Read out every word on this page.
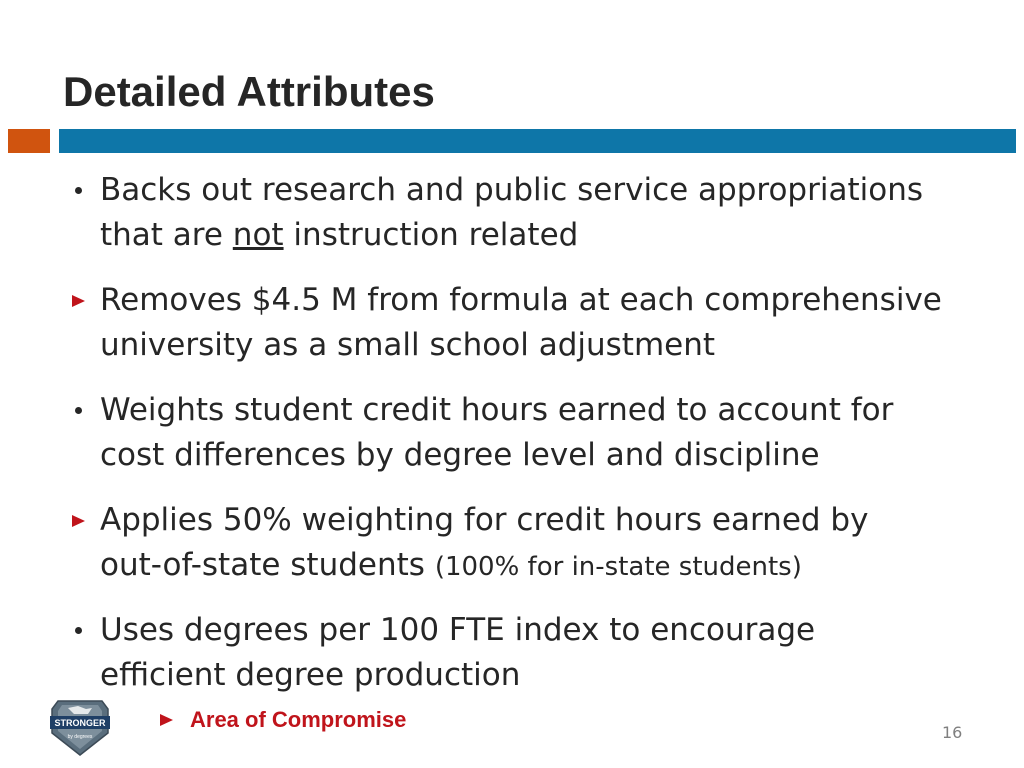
Detailed Attributes
Backs out research and public service appropriations
that are not instruction related
Removes $4.5 M from formula at each comprehensive
university as a small school adjustment
Weights student credit hours earned to account for
cost differences by degree level and discipline
Applies 50% weighting for credit hours earned by
out-of-state students (100% for in-state students)
Uses degrees per 100 FTE index to encourage
efficient degree production
STRONGER
by degrees
Area of Compromise
16
